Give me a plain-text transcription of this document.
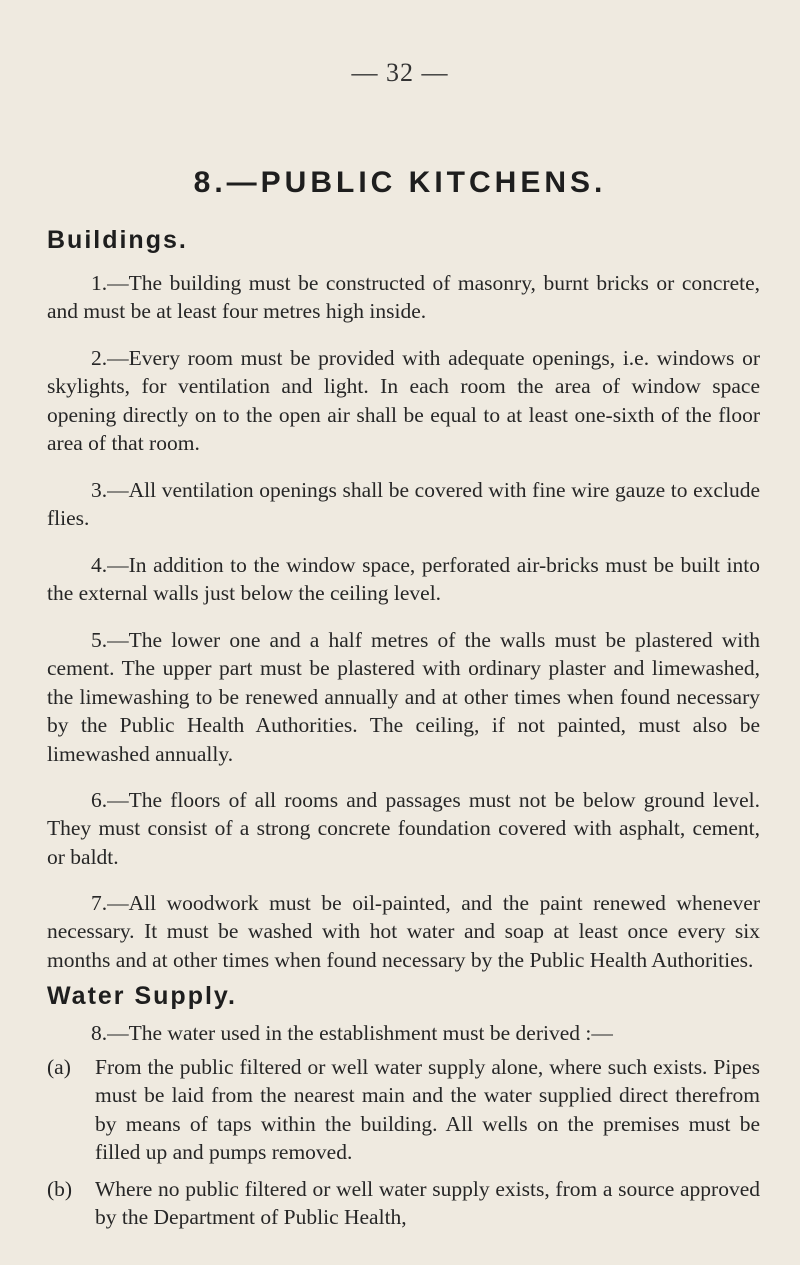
— 32 —
8.—PUBLIC KITCHENS.
Buildings.
1.—The building must be constructed of masonry, burnt bricks or concrete, and must be at least four metres high inside.
2.—Every room must be provided with adequate openings, i.e. windows or skylights, for ventilation and light. In each room the area of window space opening directly on to the open air shall be equal to at least one-sixth of the floor area of that room.
3.—All ventilation openings shall be covered with fine wire gauze to exclude flies.
4.—In addition to the window space, perforated air-bricks must be built into the external walls just below the ceiling level.
5.—The lower one and a half metres of the walls must be plastered with cement. The upper part must be plastered with ordinary plaster and limewashed, the limewashing to be renewed annually and at other times when found necessary by the Public Health Authorities. The ceiling, if not painted, must also be limewashed annually.
6.—The floors of all rooms and passages must not be below ground level. They must consist of a strong concrete foundation covered with asphalt, cement, or baldt.
7.—All woodwork must be oil-painted, and the paint renewed whenever necessary. It must be washed with hot water and soap at least once every six months and at other times when found necessary by the Public Health Authorities.
Water Supply.
8.—The water used in the establishment must be derived :—
(a) From the public filtered or well water supply alone, where such exists. Pipes must be laid from the nearest main and the water supplied direct therefrom by means of taps within the building. All wells on the premises must be filled up and pumps removed.
(b) Where no public filtered or well water supply exists, from a source approved by the Department of Public Health,
